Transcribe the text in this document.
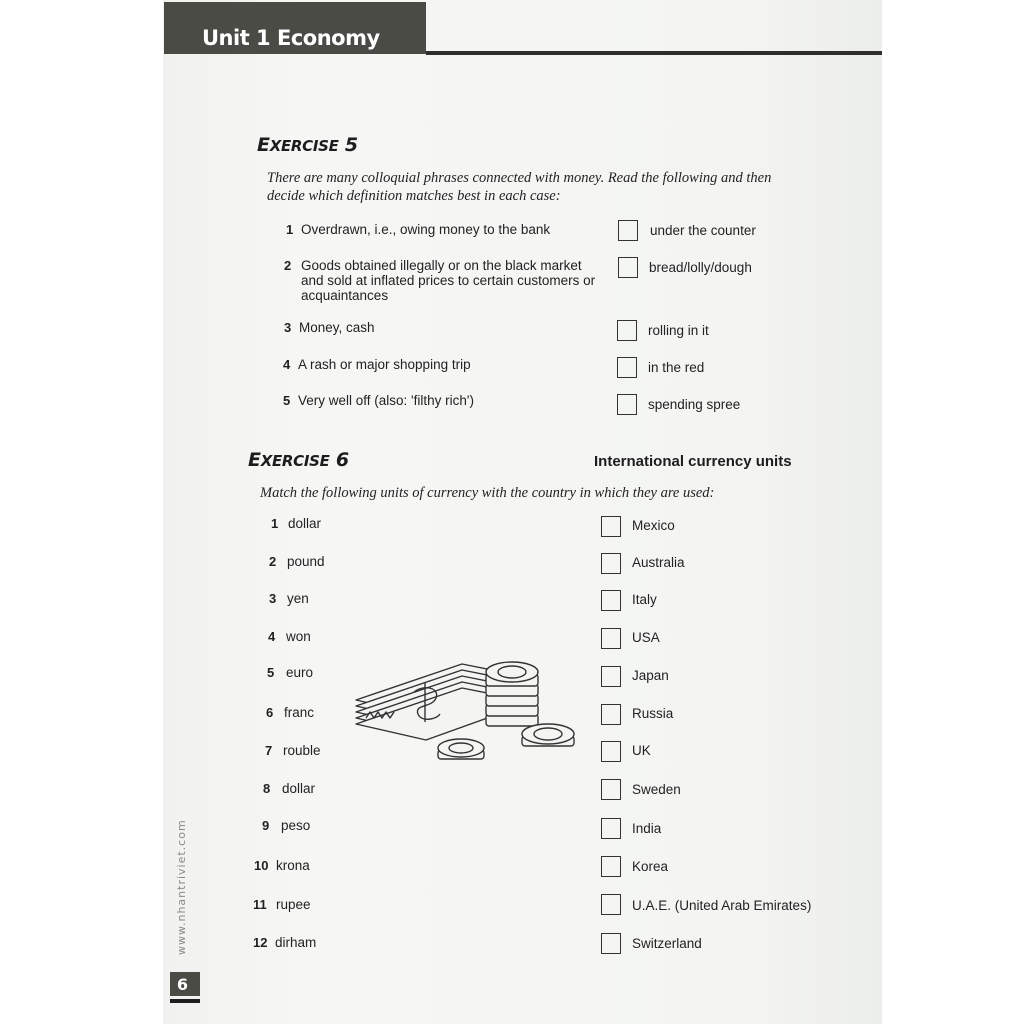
Unit 1 Economy
EXERCISE 5
There are many colloquial phrases connected with money. Read the following and then decide which definition matches best in each case:
1 Overdrawn, i.e., owing money to the bank
2 Goods obtained illegally or on the black market and sold at inflated prices to certain customers or acquaintances
3 Money, cash
4 A rash or major shopping trip
5 Very well off (also: 'filthy rich')
under the counter
bread/lolly/dough
rolling in it
in the red
spending spree
EXERCISE 6	International currency units
Match the following units of currency with the country in which they are used:
1 dollar
2 pound
3 yen
4 won
5 euro
6 franc
7 rouble
8 dollar
9 peso
10 krona
11 rupee
12 dirham
Mexico
Australia
Italy
USA
Japan
Russia
UK
Sweden
India
Korea
U.A.E. (United Arab Emirates)
Switzerland
www.nhantriviet.com
6
